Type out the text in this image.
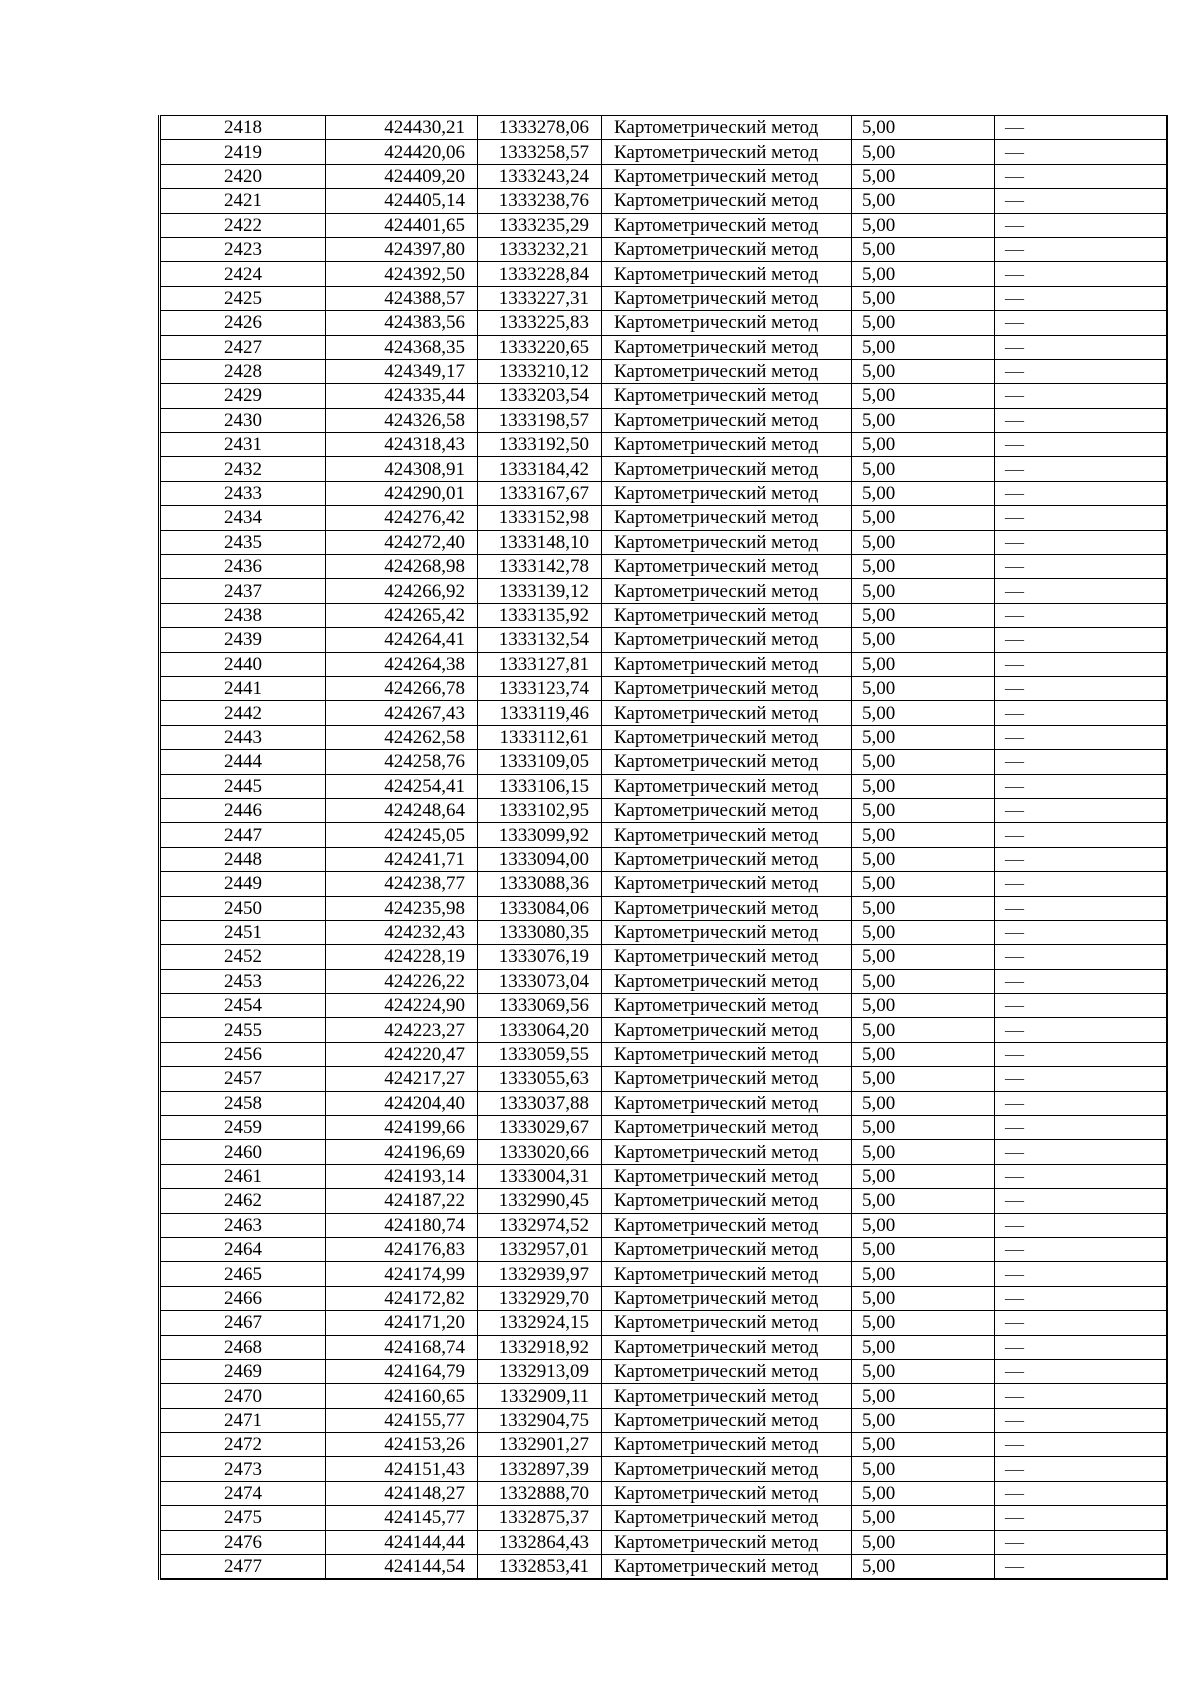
2418	424430,21	1333278,06	Картометрический метод	5,00	—
2419	424420,06	1333258,57	Картометрический метод	5,00	—
2420	424409,20	1333243,24	Картометрический метод	5,00	—
2421	424405,14	1333238,76	Картометрический метод	5,00	—
2422	424401,65	1333235,29	Картометрический метод	5,00	—
2423	424397,80	1333232,21	Картометрический метод	5,00	—
2424	424392,50	1333228,84	Картометрический метод	5,00	—
2425	424388,57	1333227,31	Картометрический метод	5,00	—
2426	424383,56	1333225,83	Картометрический метод	5,00	—
2427	424368,35	1333220,65	Картометрический метод	5,00	—
2428	424349,17	1333210,12	Картометрический метод	5,00	—
2429	424335,44	1333203,54	Картометрический метод	5,00	—
2430	424326,58	1333198,57	Картометрический метод	5,00	—
2431	424318,43	1333192,50	Картометрический метод	5,00	—
2432	424308,91	1333184,42	Картометрический метод	5,00	—
2433	424290,01	1333167,67	Картометрический метод	5,00	—
2434	424276,42	1333152,98	Картометрический метод	5,00	—
2435	424272,40	1333148,10	Картометрический метод	5,00	—
2436	424268,98	1333142,78	Картометрический метод	5,00	—
2437	424266,92	1333139,12	Картометрический метод	5,00	—
2438	424265,42	1333135,92	Картометрический метод	5,00	—
2439	424264,41	1333132,54	Картометрический метод	5,00	—
2440	424264,38	1333127,81	Картометрический метод	5,00	—
2441	424266,78	1333123,74	Картометрический метод	5,00	—
2442	424267,43	1333119,46	Картометрический метод	5,00	—
2443	424262,58	1333112,61	Картометрический метод	5,00	—
2444	424258,76	1333109,05	Картометрический метод	5,00	—
2445	424254,41	1333106,15	Картометрический метод	5,00	—
2446	424248,64	1333102,95	Картометрический метод	5,00	—
2447	424245,05	1333099,92	Картометрический метод	5,00	—
2448	424241,71	1333094,00	Картометрический метод	5,00	—
2449	424238,77	1333088,36	Картометрический метод	5,00	—
2450	424235,98	1333084,06	Картометрический метод	5,00	—
2451	424232,43	1333080,35	Картометрический метод	5,00	—
2452	424228,19	1333076,19	Картометрический метод	5,00	—
2453	424226,22	1333073,04	Картометрический метод	5,00	—
2454	424224,90	1333069,56	Картометрический метод	5,00	—
2455	424223,27	1333064,20	Картометрический метод	5,00	—
2456	424220,47	1333059,55	Картометрический метод	5,00	—
2457	424217,27	1333055,63	Картометрический метод	5,00	—
2458	424204,40	1333037,88	Картометрический метод	5,00	—
2459	424199,66	1333029,67	Картометрический метод	5,00	—
2460	424196,69	1333020,66	Картометрический метод	5,00	—
2461	424193,14	1333004,31	Картометрический метод	5,00	—
2462	424187,22	1332990,45	Картометрический метод	5,00	—
2463	424180,74	1332974,52	Картометрический метод	5,00	—
2464	424176,83	1332957,01	Картометрический метод	5,00	—
2465	424174,99	1332939,97	Картометрический метод	5,00	—
2466	424172,82	1332929,70	Картометрический метод	5,00	—
2467	424171,20	1332924,15	Картометрический метод	5,00	—
2468	424168,74	1332918,92	Картометрический метод	5,00	—
2469	424164,79	1332913,09	Картометрический метод	5,00	—
2470	424160,65	1332909,11	Картометрический метод	5,00	—
2471	424155,77	1332904,75	Картометрический метод	5,00	—
2472	424153,26	1332901,27	Картометрический метод	5,00	—
2473	424151,43	1332897,39	Картометрический метод	5,00	—
2474	424148,27	1332888,70	Картометрический метод	5,00	—
2475	424145,77	1332875,37	Картометрический метод	5,00	—
2476	424144,44	1332864,43	Картометрический метод	5,00	—
2477	424144,54	1332853,41	Картометрический метод	5,00	—
